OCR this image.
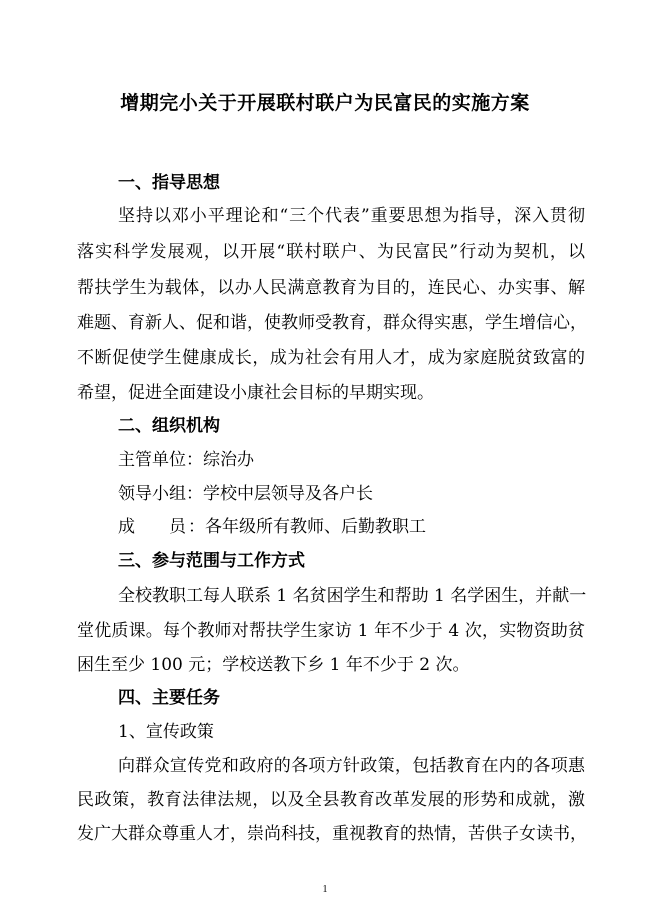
增期完小关于开展联村联户为民富民的实施方案
一、指导思想
坚持以邓小平理论和“三个代表”重要思想为指导，深入贯彻
落实科学发展观，以开展“联村联户、为民富民”行动为契机，以
帮扶学生为载体，以办人民满意教育为目的，连民心、办实事、解
难题、育新人、促和谐，使教师受教育，群众得实惠，学生增信心，
不断促使学生健康成长，成为社会有用人才，成为家庭脱贫致富的
希望，促进全面建设小康社会目标的早期实现。
二、组织机构
主管单位：综治办
领导小组：学校中层领导及各户长
成　　员 ：各年级所有教师、后勤教职工
三、参与范围与工作方式
全校教职工每人联系 1 名贫困学生和帮助 1 名学困生，并献一
堂优质课。每个教师对帮扶学生家访 1 年不少于 4 次，实物资助贫
困生至少 100 元；学校送教下乡 1 年不少于 2 次。
四、主要任务
1、宣传政策
向群众宣传党和政府的各项方针政策，包括教育在内的各项惠
民政策，教育法律法规，以及全县教育改革发展的形势和成就，激
发广大群众尊重人才，崇尚科技，重视教育的热情，苦供子女读书，
1
